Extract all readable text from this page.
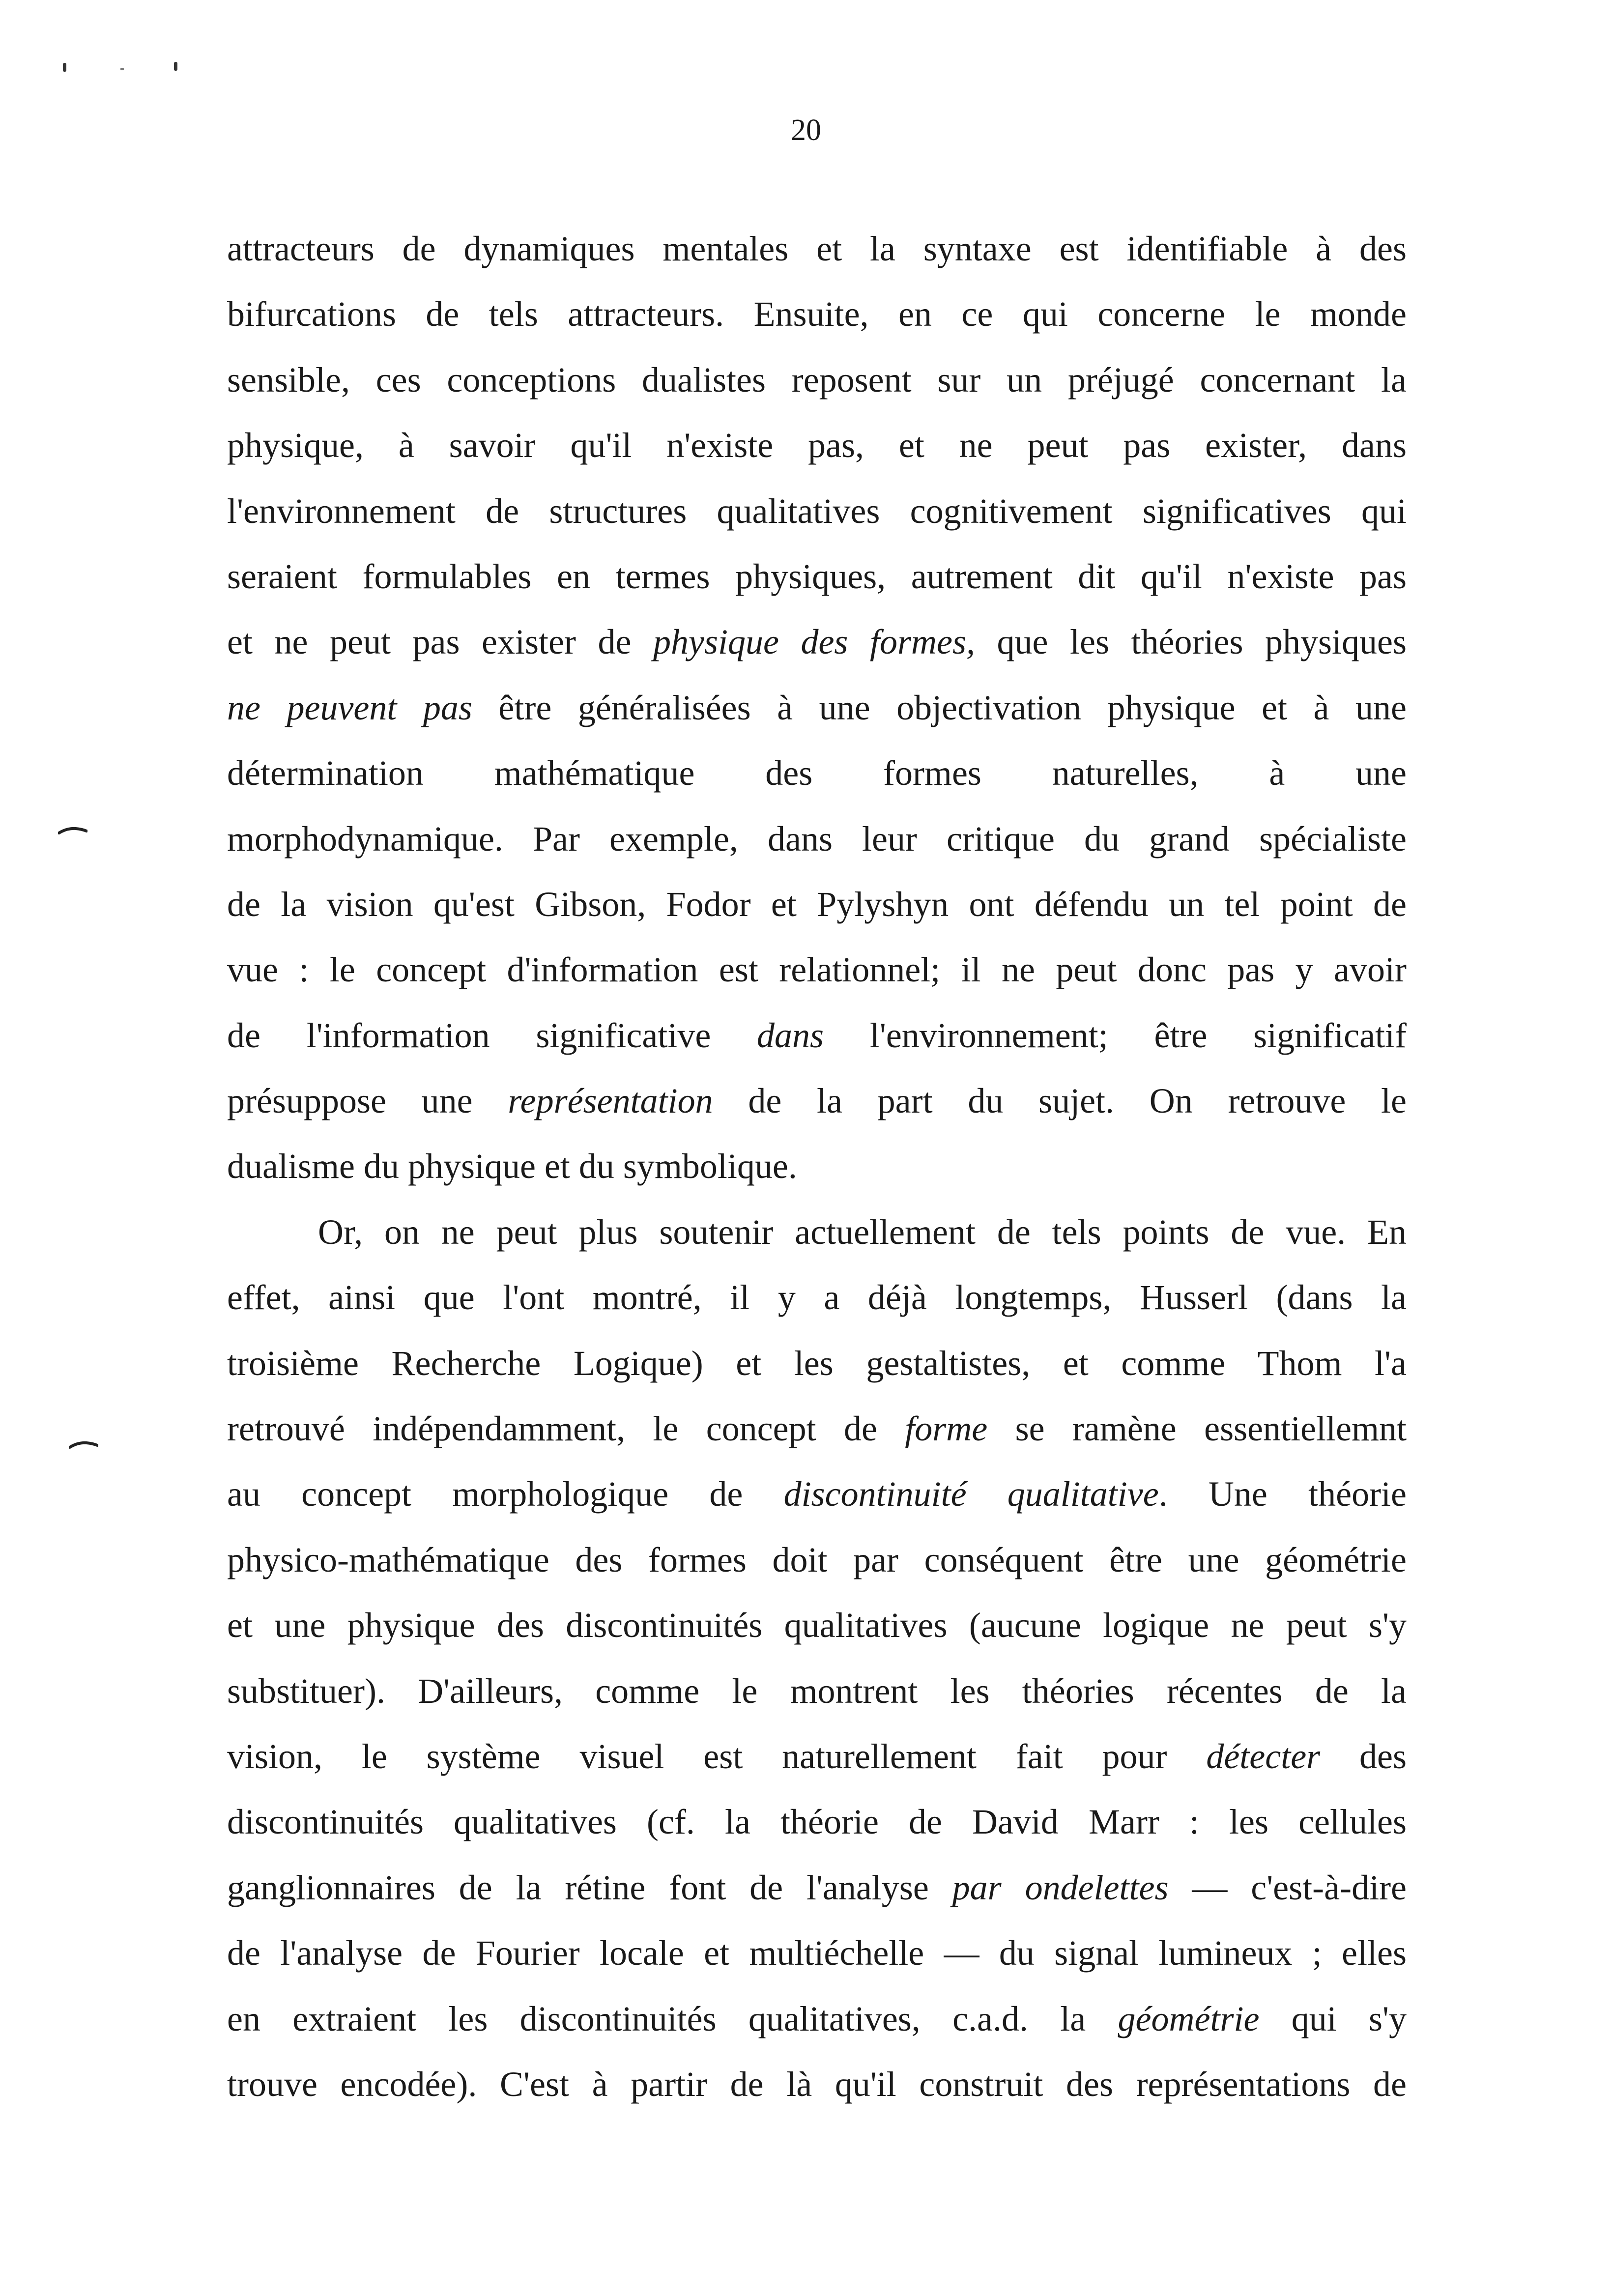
20
attracteurs de dynamiques mentales et la syntaxe est identifiable à des
bifurcations de tels attracteurs. Ensuite, en ce qui concerne le monde
sensible, ces conceptions dualistes reposent sur un préjugé concernant la
physique, à savoir qu'il n'existe pas, et ne peut pas exister, dans
l'environnement de structures qualitatives cognitivement significatives qui
seraient formulables en termes physiques, autrement dit qu'il n'existe pas
et ne peut pas exister de physique des formes, que les théories physiques
ne peuvent pas être généralisées à une objectivation physique et à une
détermination mathématique des formes naturelles, à une
morphodynamique. Par exemple, dans leur critique du grand spécialiste
de la vision qu'est Gibson, Fodor et Pylyshyn ont défendu un tel point de
vue : le concept d'information est relationnel; il ne peut donc pas y avoir
de l'information significative dans l'environnement; être significatif
présuppose une représentation de la part du sujet. On retrouve le
dualisme du physique et du symbolique.
Or, on ne peut plus soutenir actuellement de tels points de vue. En
effet, ainsi que l'ont montré, il y a déjà longtemps, Husserl (dans la
troisième Recherche Logique) et les gestaltistes, et comme Thom l'a
retrouvé indépendamment, le concept de forme se ramène essentiellemnt
au concept morphologique de discontinuité qualitative. Une théorie
physico-mathématique des formes doit par conséquent être une géométrie
et une physique des discontinuités qualitatives (aucune logique ne peut s'y
substituer). D'ailleurs, comme le montrent les théories récentes de la
vision, le système visuel est naturellement fait pour détecter des
discontinuités qualitatives (cf. la théorie de David Marr : les cellules
ganglionnaires de la rétine font de l'analyse par ondelettes — c'est-à-dire
de l'analyse de Fourier locale et multiéchelle — du signal lumineux ; elles
en extraient les discontinuités qualitatives, c.a.d. la géométrie qui s'y
trouve encodée). C'est à partir de là qu'il construit des représentations de
